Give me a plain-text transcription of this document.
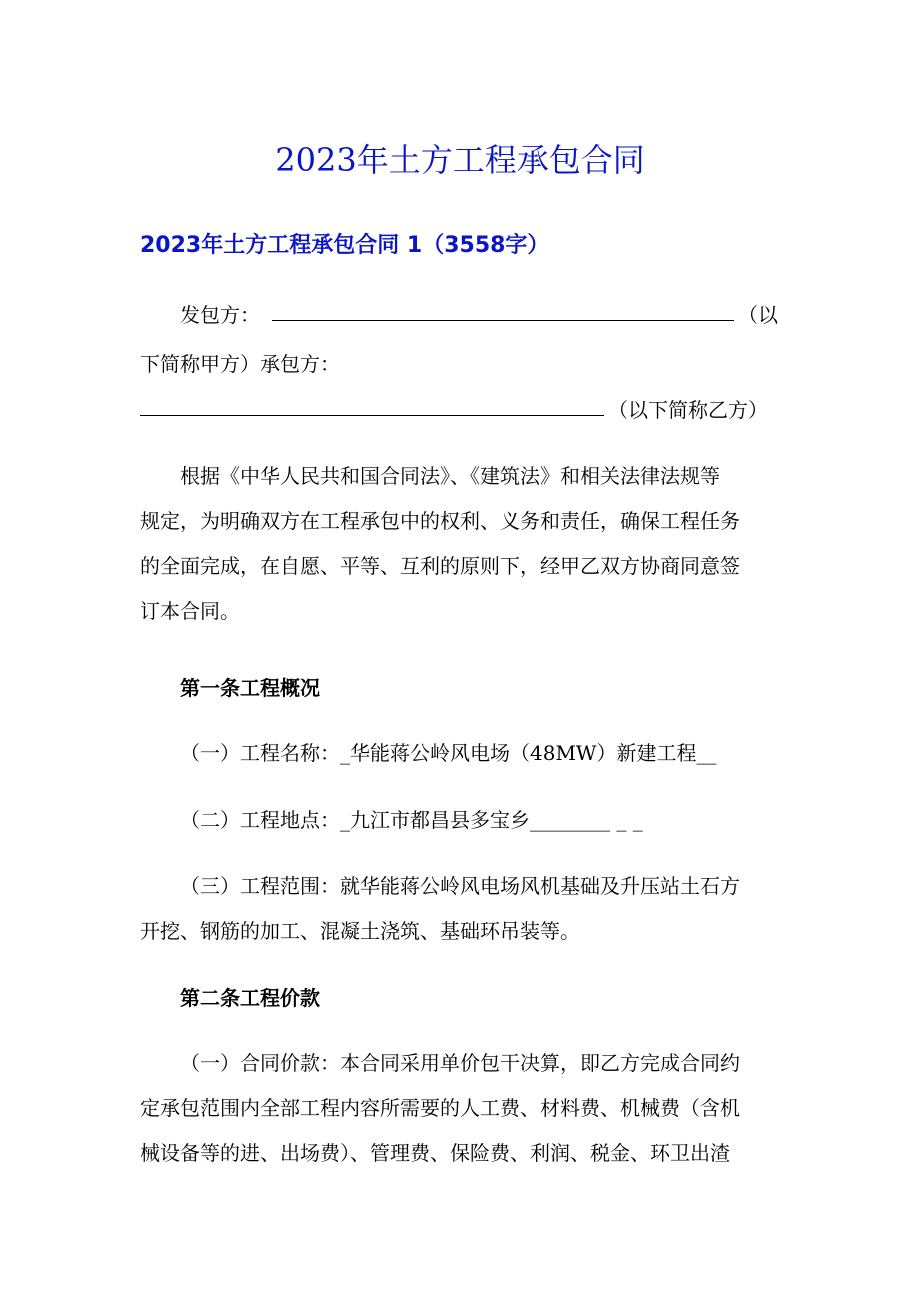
2023年土方工程承包合同
2023年土方工程承包合同 1（3558字）
发包方：	（以
下简称甲方）承包方：
（以下简称乙方）
根据《中华人民共和国合同法》、《建筑法》和相关法律法规等
规定，为明确双方在工程承包中的权利、义务和责任，确保工程任务
的全面完成，在自愿、平等、互利的原则下，经甲乙双方协商同意签
订本合同。
第一条工程概况
（一）工程名称：_华能蒋公岭风电场（48MW）新建工程__
（二）工程地点：_九江市都昌县多宝乡________ _ _
（三）工程范围：就华能蒋公岭风电场风机基础及升压站土石方
开挖、钢筋的加工、混凝土浇筑、基础环吊装等。
第二条工程价款
（一）合同价款：本合同采用单价包干决算，即乙方完成合同约
定承包范围内全部工程内容所需要的人工费、材料费、机械费（含机
械设备等的进、出场费）、管理费、保险费、利润、税金、环卫出渣
